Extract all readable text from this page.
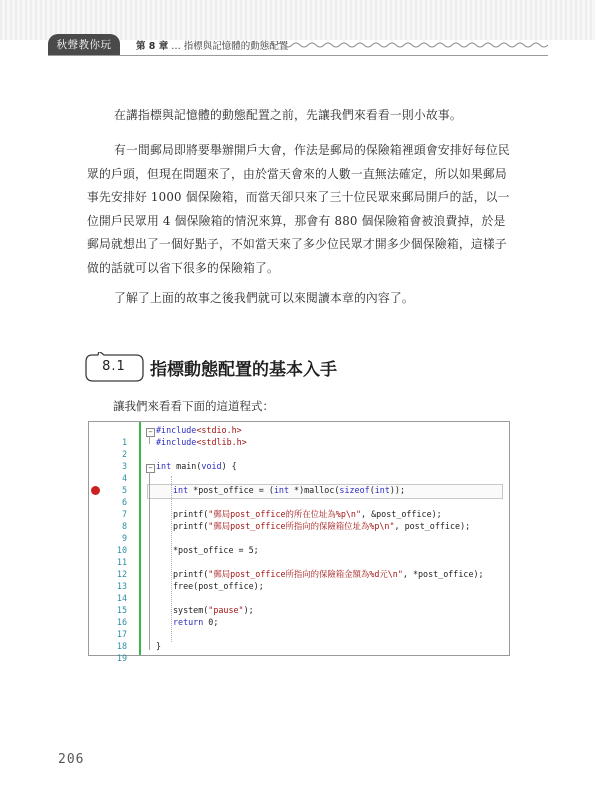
秋聲教你玩	第 8 章 … 指標與記憶體的動態配置

在講指標與記憶體的動態配置之前，先讓我們來看看一則小故事。

有一間郵局即將要舉辦開戶大會，作法是郵局的保險箱裡頭會安排好每位民眾的戶頭，但現在問題來了，由於當天會來的人數一直無法確定，所以如果郵局事先安排好 1000 個保險箱，而當天卻只來了三十位民眾來郵局開戶的話，以一位開戶民眾用 4 個保險箱的情況來算，那會有 880 個保險箱會被浪費掉，於是郵局就想出了一個好點子，不如當天來了多少位民眾才開多少個保險箱，這樣子做的話就可以省下很多的保險箱了。

了解了上面的故事之後我們就可以來閱讀本章的內容了。

8.1	指標動態配置的基本入手
讓我們來看看下面的這道程式：
−
−

1

#include<stdio.h>

2

#include<stdlib.h>

3

4

int main(void) {

5

6

int *post_office = (int *)malloc(sizeof(int));

7

8

printf("郵局post_office的所在位址為%p\n", &post_office);

9

printf("郵局post_office所指向的保險箱位址為%p\n", post_office);

10

11

*post_office = 5;

12

13

printf("郵局post_office所指向的保險箱金額為%d元\n", *post_office);

14

free(post_office);

15

16

system("pause");

17

return 0;

18

19

}

206
